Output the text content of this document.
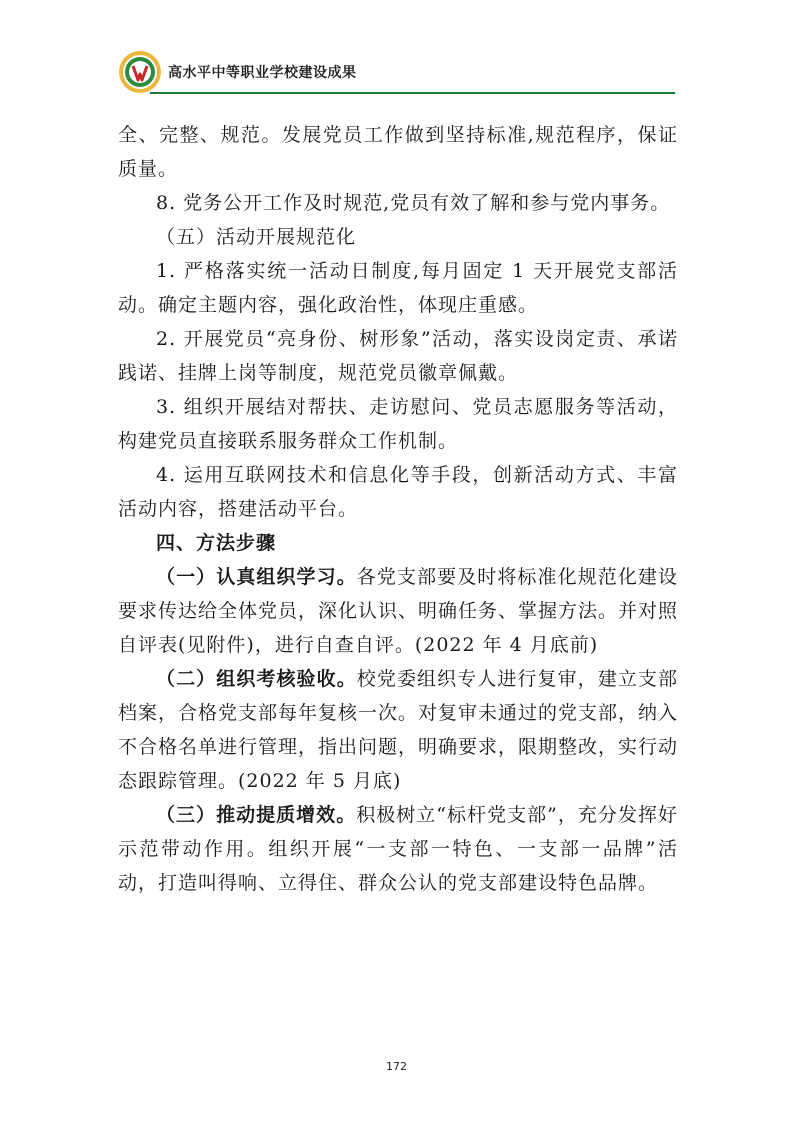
高水平中等职业学校建设成果

全、完整、规范。发展党员工作做到坚持标准,规范程序，保证质量。

8. 党务公开工作及时规范,党员有效了解和参与党内事务。

（五）活动开展规范化

1. 严格落实统一活动日制度,每月固定 1 天开展党支部活动。确定主题内容，强化政治性，体现庄重感。

2. 开展党员“亮身份、树形象”活动，落实设岗定责、承诺践诺、挂牌上岗等制度，规范党员徽章佩戴。

3. 组织开展结对帮扶、走访慰问、党员志愿服务等活动，构建党员直接联系服务群众工作机制。

4. 运用互联网技术和信息化等手段，创新活动方式、丰富活动内容，搭建活动平台。

四、方法步骤

（一）认真组织学习。各党支部要及时将标准化规范化建设要求传达给全体党员，深化认识、明确任务、掌握方法。并对照自评表(见附件)，进行自查自评。(2022 年 4 月底前)

（二）组织考核验收。校党委组织专人进行复审，建立支部档案，合格党支部每年复核一次。对复审未通过的党支部，纳入不合格名单进行管理，指出问题，明确要求，限期整改，实行动态跟踪管理。(2022 年 5 月底)

（三）推动提质增效。积极树立“标杆党支部”，充分发挥好示范带动作用。组织开展“一支部一特色、一支部一品牌”活动，打造叫得响、立得住、群众公认的党支部建设特色品牌。

172
